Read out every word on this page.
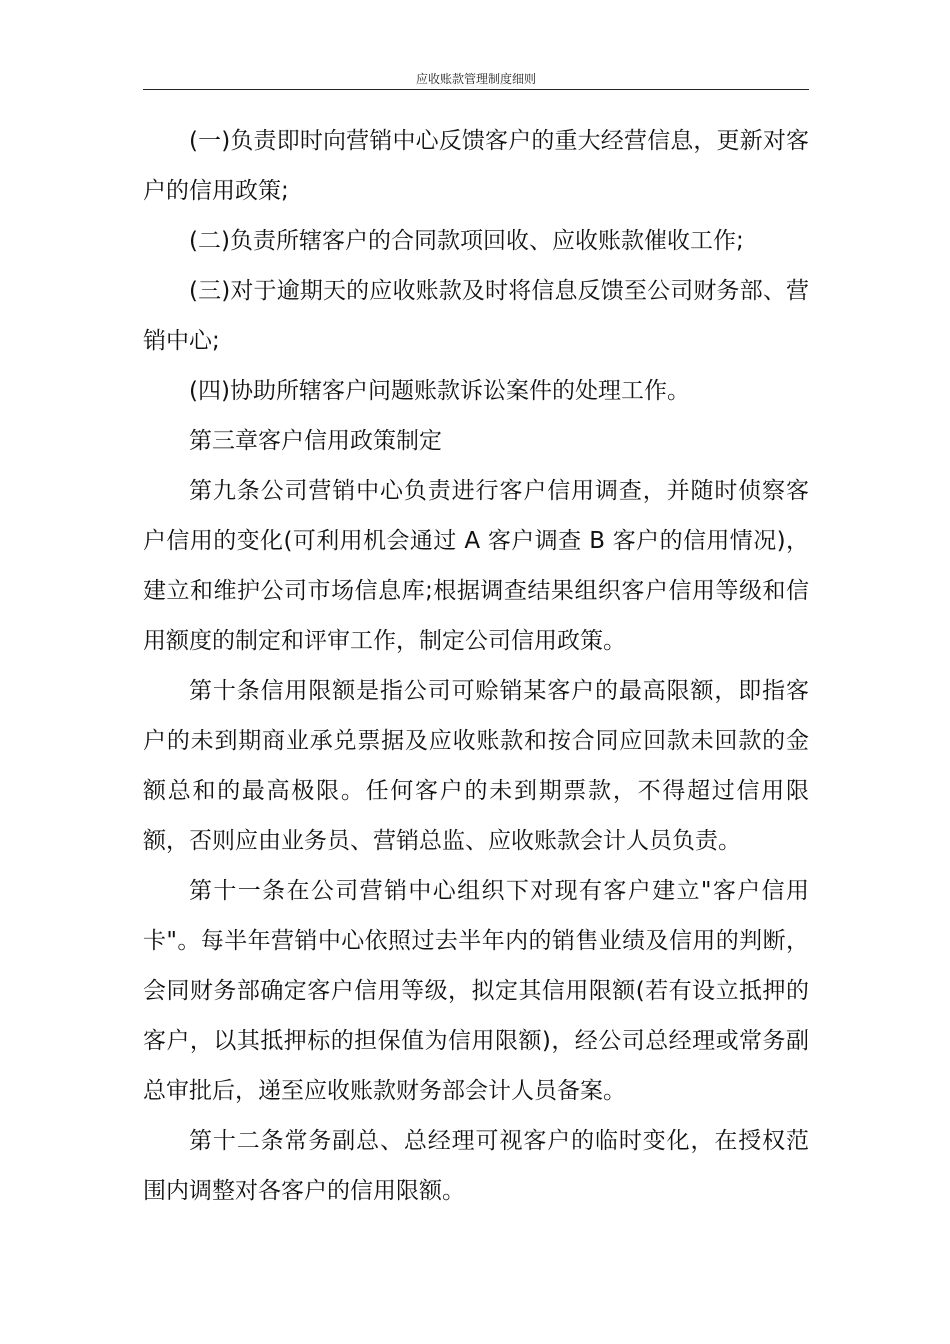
应收账款管理制度细则

(一)负责即时向营销中心反馈客户的重大经营信息，更新对客户的信用政策;

(二)负责所辖客户的合同款项回收、应收账款催收工作;

(三)对于逾期天的应收账款及时将信息反馈至公司财务部、营销中心;

(四)协助所辖客户问题账款诉讼案件的处理工作。

第三章客户信用政策制定

第九条公司营销中心负责进行客户信用调查，并随时侦察客户信用的变化(可利用机会通过 A 客户调查 B 客户的信用情况)，建立和维护公司市场信息库;根据调查结果组织客户信用等级和信用额度的制定和评审工作，制定公司信用政策。

第十条信用限额是指公司可赊销某客户的最高限额，即指客户的未到期商业承兑票据及应收账款和按合同应回款未回款的金额总和的最高极限。任何客户的未到期票款，不得超过信用限额，否则应由业务员、营销总监、应收账款会计人员负责。

第十一条在公司营销中心组织下对现有客户建立"客户信用卡"。每半年营销中心依照过去半年内的销售业绩及信用的判断，会同财务部确定客户信用等级，拟定其信用限额(若有设立抵押的客户，以其抵押标的担保值为信用限额)，经公司总经理或常务副总审批后，递至应收账款财务部会计人员备案。

第十二条常务副总、总经理可视客户的临时变化，在授权范围内调整对各客户的信用限额。
